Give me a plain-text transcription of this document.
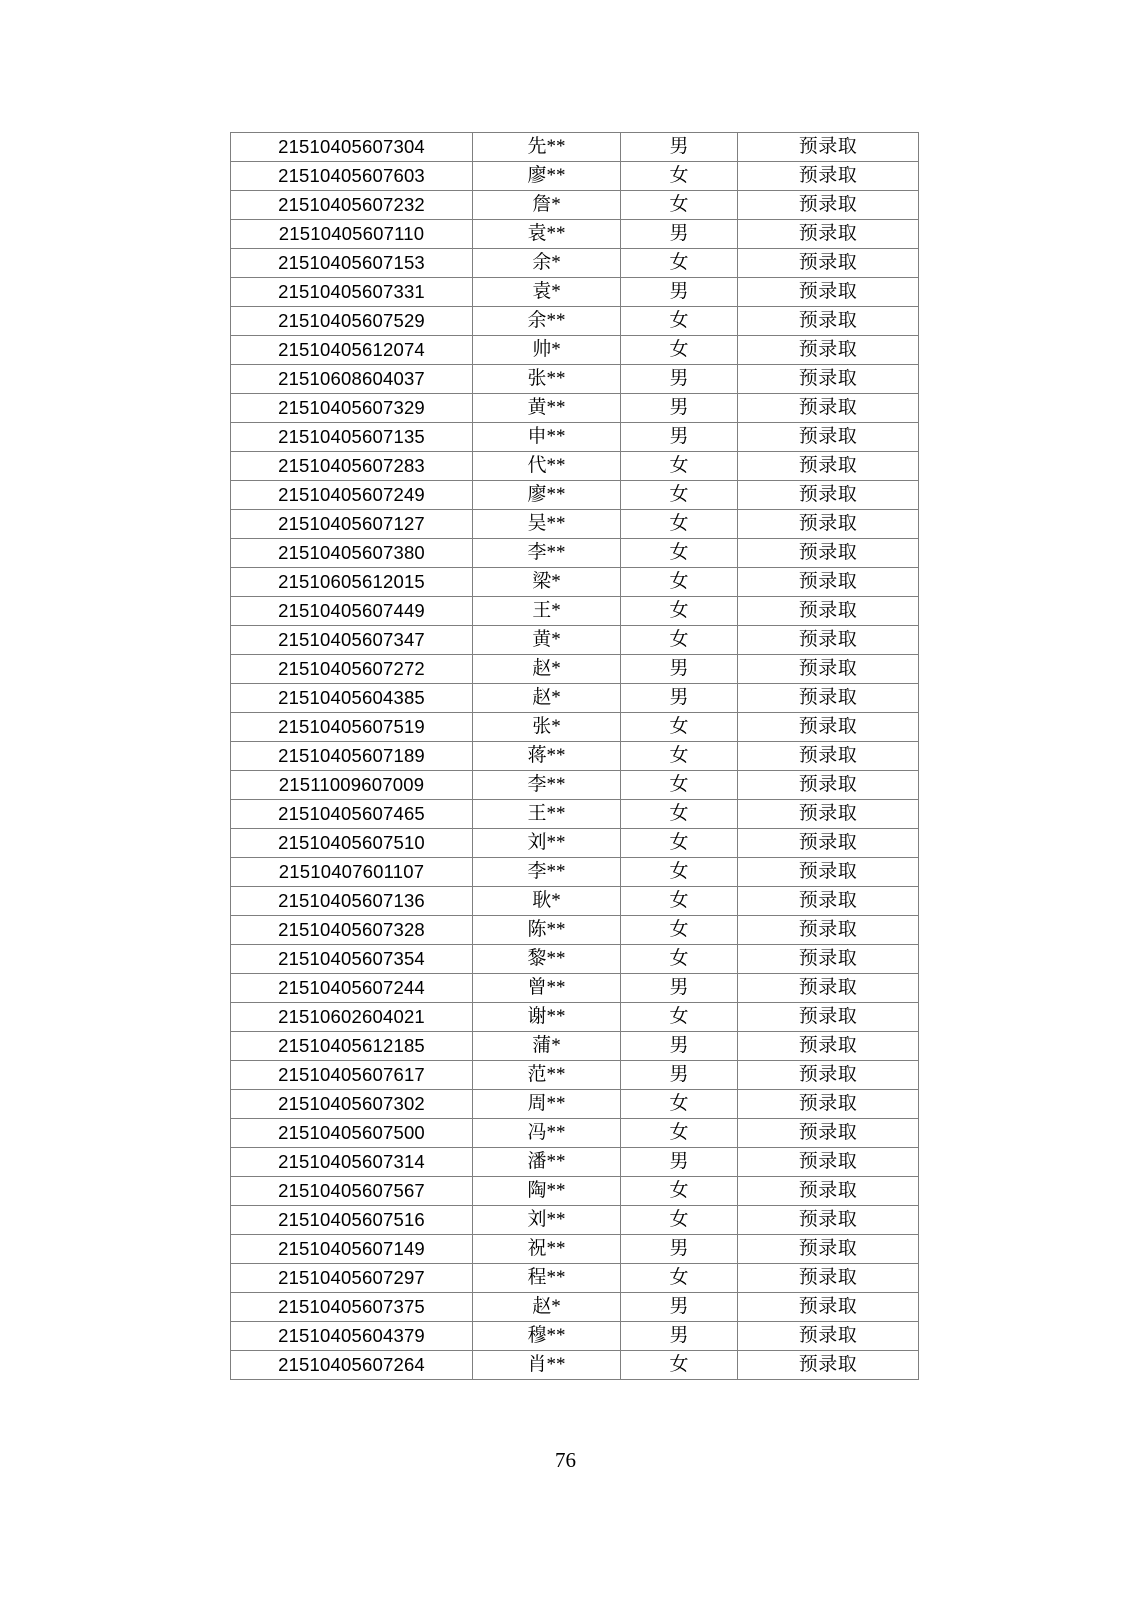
21510405607304	先**	男	预录取
21510405607603	廖**	女	预录取
21510405607232	詹*	女	预录取
21510405607110	袁**	男	预录取
21510405607153	余*	女	预录取
21510405607331	袁*	男	预录取
21510405607529	余**	女	预录取
21510405612074	帅*	女	预录取
21510608604037	张**	男	预录取
21510405607329	黄**	男	预录取
21510405607135	申**	男	预录取
21510405607283	代**	女	预录取
21510405607249	廖**	女	预录取
21510405607127	吴**	女	预录取
21510405607380	李**	女	预录取
21510605612015	梁*	女	预录取
21510405607449	王*	女	预录取
21510405607347	黄*	女	预录取
21510405607272	赵*	男	预录取
21510405604385	赵*	男	预录取
21510405607519	张*	女	预录取
21510405607189	蒋**	女	预录取
21511009607009	李**	女	预录取
21510405607465	王**	女	预录取
21510405607510	刘**	女	预录取
21510407601107	李**	女	预录取
21510405607136	耿*	女	预录取
21510405607328	陈**	女	预录取
21510405607354	黎**	女	预录取
21510405607244	曾**	男	预录取
21510602604021	谢**	女	预录取
21510405612185	蒲*	男	预录取
21510405607617	范**	男	预录取
21510405607302	周**	女	预录取
21510405607500	冯**	女	预录取
21510405607314	潘**	男	预录取
21510405607567	陶**	女	预录取
21510405607516	刘**	女	预录取
21510405607149	祝**	男	预录取
21510405607297	程**	女	预录取
21510405607375	赵*	男	预录取
21510405604379	穆**	男	预录取
21510405607264	肖**	女	预录取
76
